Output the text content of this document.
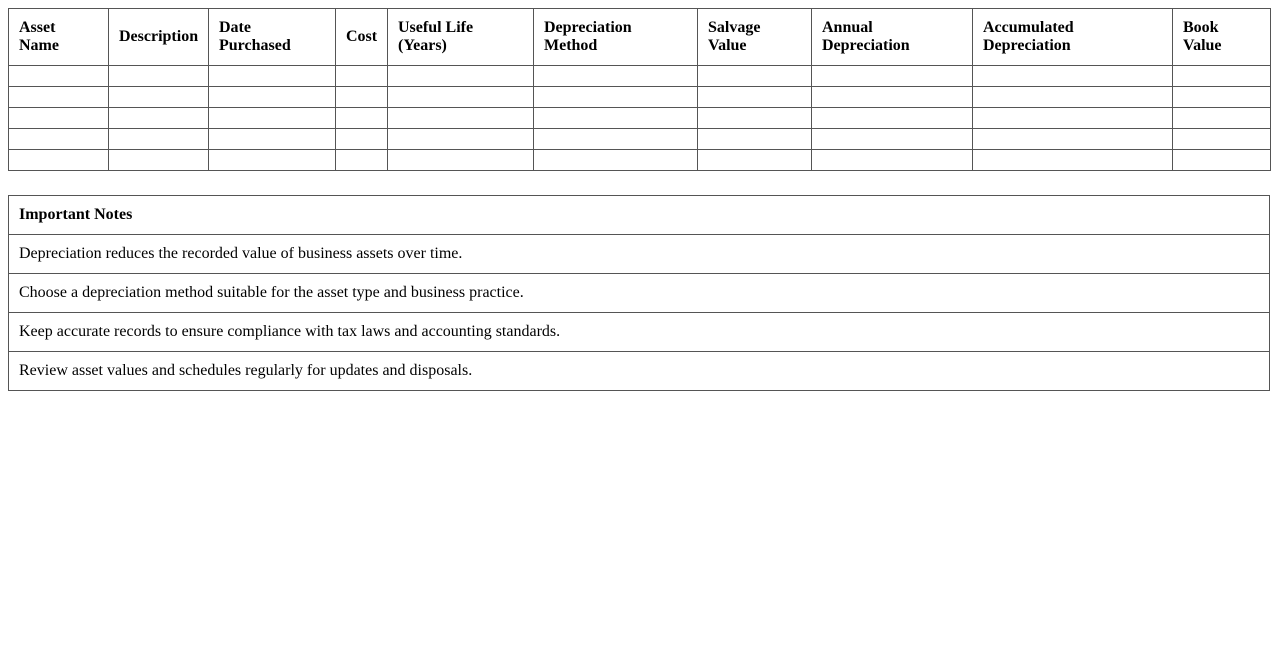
Asset Name	Description	Date Purchased	Cost	Useful Life (Years)	Depreciation Method	Salvage Value	Annual Depreciation	Accumulated Depreciation	Book Value

Important Notes
Depreciation reduces the recorded value of business assets over time.
Choose a depreciation method suitable for the asset type and business practice.
Keep accurate records to ensure compliance with tax laws and accounting standards.
Review asset values and schedules regularly for updates and disposals.
